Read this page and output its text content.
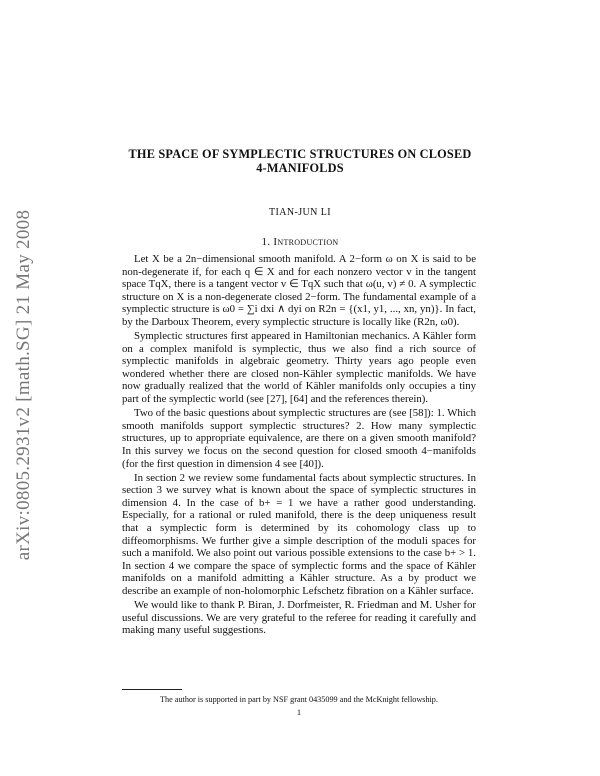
arXiv:0805.2931v2 [math.SG] 21 May 2008
THE SPACE OF SYMPLECTIC STRUCTURES ON CLOSED
4-MANIFOLDS
TIAN-JUN LI
1. Introduction

Let X be a 2n−dimensional smooth manifold. A 2−form ω on X is said to be non-degenerate if, for each q ∈ X and for each nonzero vector v in the tangent space TqX, there is a tangent vector v ∈ TqX such that ω(u, v) ≠ 0. A symplectic structure on X is a non-degenerate closed 2−form. The fundamental example of a symplectic structure is ω0 = ∑i dxi ∧ dyi on R2n = {(x1, y1, ..., xn, yn)}. In fact, by the Darboux Theorem, every symplectic structure is locally like (R2n, ω0).

Symplectic structures first appeared in Hamiltonian mechanics. A Kähler form on a complex manifold is symplectic, thus we also find a rich source of symplectic manifolds in algebraic geometry. Thirty years ago people even wondered whether there are closed non-Kähler symplectic manifolds. We have now gradually realized that the world of Kähler manifolds only occupies a tiny part of the symplectic world (see [27], [64] and the references therein).

Two of the basic questions about symplectic structures are (see [58]): 1. Which smooth manifolds support symplectic structures? 2. How many symplectic structures, up to appropriate equivalence, are there on a given smooth manifold? In this survey we focus on the second question for closed smooth 4−manifolds (for the first question in dimension 4 see [40]).

In section 2 we review some fundamental facts about symplectic structures. In section 3 we survey what is known about the space of symplectic structures in dimension 4. In the case of b+ = 1 we have a rather good understanding. Especially, for a rational or ruled manifold, there is the deep uniqueness result that a symplectic form is determined by its cohomology class up to diffeomorphisms. We further give a simple description of the moduli spaces for such a manifold. We also point out various possible extensions to the case b+ > 1. In section 4 we compare the space of symplectic forms and the space of Kähler manifolds on a manifold admitting a Kähler structure. As a by product we describe an example of non-holomorphic Lefschetz fibration on a Kähler surface.

We would like to thank P. Biran, J. Dorfmeister, R. Friedman and M. Usher for useful discussions. We are very grateful to the referee for reading it carefully and making many useful suggestions.

The author is supported in part by NSF grant 0435099 and the McKnight fellowship.
1
